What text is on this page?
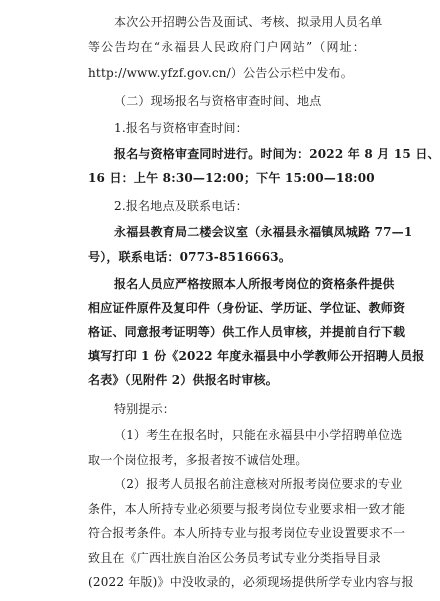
本次公开招聘公告及面试、考核、拟录用人员名单
等公告均在“永福县人民政府门户网站”（网址：
http://www.yfzf.gov.cn/）公告公示栏中发布。
（二）现场报名与资格审查时间、地点
1.报名与资格审查时间：
报名与资格审查同时进行。时间为：2022 年 8 月 15 日、
16 日：上午 8:30—12:00；下午 15:00—18:00
2.报名地点及联系电话：
永福县教育局二楼会议室（永福县永福镇凤城路 77—1
号），联系电话：0773-8516663。
报名人员应严格按照本人所报考岗位的资格条件提供
相应证件原件及复印件（身份证、学历证、学位证、教师资
格证、同意报考证明等）供工作人员审核，并提前自行下载
填写打印 1 份《2022 年度永福县中小学教师公开招聘人员报
名表》（见附件 2）供报名时审核。
特别提示：
（1）考生在报名时，只能在永福县中小学招聘单位选
取一个岗位报考，多报者按不诚信处理。
（2）报考人员报名前注意核对所报考岗位要求的专业
条件，本人所持专业必须要与报考岗位专业要求相一致才能
符合报考条件。本人所持专业与报考岗位专业设置要求不一
致且在《广西壮族自治区公务员考试专业分类指导目录
(2022 年版)》中没收录的，必须现场提供所学专业内容与报
